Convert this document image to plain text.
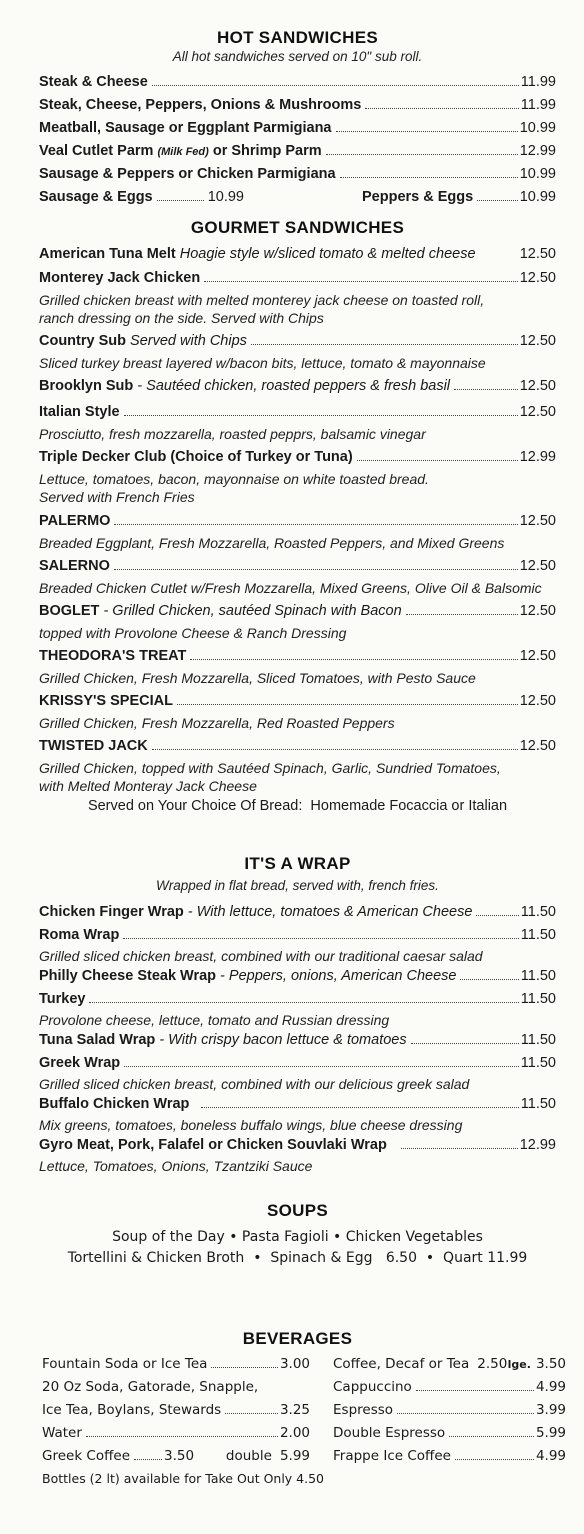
HOT SANDWICHES
All hot sandwiches served on 10" sub roll.
Steak & Cheese	11.99
Steak, Cheese, Peppers, Onions & Mushrooms	11.99
Meatball, Sausage or Eggplant Parmigiana	10.99
Veal Cutlet Parm (Milk Fed) or Shrimp Parm	12.99
Sausage & Peppers or Chicken Parmigiana	10.99
Sausage & Eggs	10.99	Peppers & Eggs	10.99
GOURMET SANDWICHES
American Tuna Melt Hoagie style w/sliced tomato & melted cheese	12.50
Monterey Jack Chicken	12.50
Grilled chicken breast with melted monterey jack cheese on toasted roll,
ranch dressing on the side. Served with Chips
Country Sub Served with Chips	12.50
Sliced turkey breast layered w/bacon bits, lettuce, tomato & mayonnaise
Brooklyn Sub - Sautéed chicken, roasted peppers & fresh basil	12.50
Italian Style	12.50
Prosciutto, fresh mozzarella, roasted pepprs, balsamic vinegar
Triple Decker Club (Choice of Turkey or Tuna)	12.99
Lettuce, tomatoes, bacon, mayonnaise on white toasted bread.
Served with French Fries
PALERMO	12.50
Breaded Eggplant, Fresh Mozzarella, Roasted Peppers, and Mixed Greens
SALERNO	12.50
Breaded Chicken Cutlet w/Fresh Mozzarella, Mixed Greens, Olive Oil & Balsomic
BOGLET - Grilled Chicken, sautéed Spinach with Bacon	12.50
topped with Provolone Cheese & Ranch Dressing
THEODORA'S TREAT	12.50
Grilled Chicken, Fresh Mozzarella, Sliced Tomatoes, with Pesto Sauce
KRISSY'S SPECIAL	12.50
Grilled Chicken, Fresh Mozzarella, Red Roasted Peppers
TWISTED JACK	12.50
Grilled Chicken, topped with Sautéed Spinach, Garlic, Sundried Tomatoes,
with Melted Monteray Jack Cheese
Served on Your Choice Of Bread:  Homemade Focaccia or Italian
IT'S A WRAP
Wrapped in flat bread, served with, french fries.
Chicken Finger Wrap - With lettuce, tomatoes & American Cheese	11.50
Roma Wrap	11.50
Grilled sliced chicken breast, combined with our traditional caesar salad
Philly Cheese Steak Wrap - Peppers, onions, American Cheese	11.50
Turkey	11.50
Provolone cheese, lettuce, tomato and Russian dressing
Tuna Salad Wrap - With crispy bacon lettuce & tomatoes	11.50
Greek Wrap	11.50
Grilled sliced chicken breast, combined with our delicious greek salad
Buffalo Chicken Wrap	11.50
Mix greens, tomatoes, boneless buffalo wings, blue cheese dressing
Gyro Meat, Pork, Falafel or Chicken Souvlaki Wrap	12.99
Lettuce, Tomatoes, Onions, Tzantziki Sauce
SOUPS
Soup of the Day • Pasta Fagioli • Chicken Vegetables
Tortellini & Chicken Broth  •  Spinach & Egg   6.50  •  Quart 11.99
BEVERAGES
Fountain Soda or Ice Tea	3.00
20 Oz Soda, Gatorade, Snapple,
Ice Tea, Boylans, Stewards	3.25
Water	2.00
Greek Coffee	3.50 double 5.99
Bottles (2 lt) available for Take Out Only 4.50
Coffee, Decaf or Tea 2.50 lge. 3.50
Cappuccino	4.99
Espresso	3.99
Double Espresso	5.99
Frappe Ice Coffee	4.99
